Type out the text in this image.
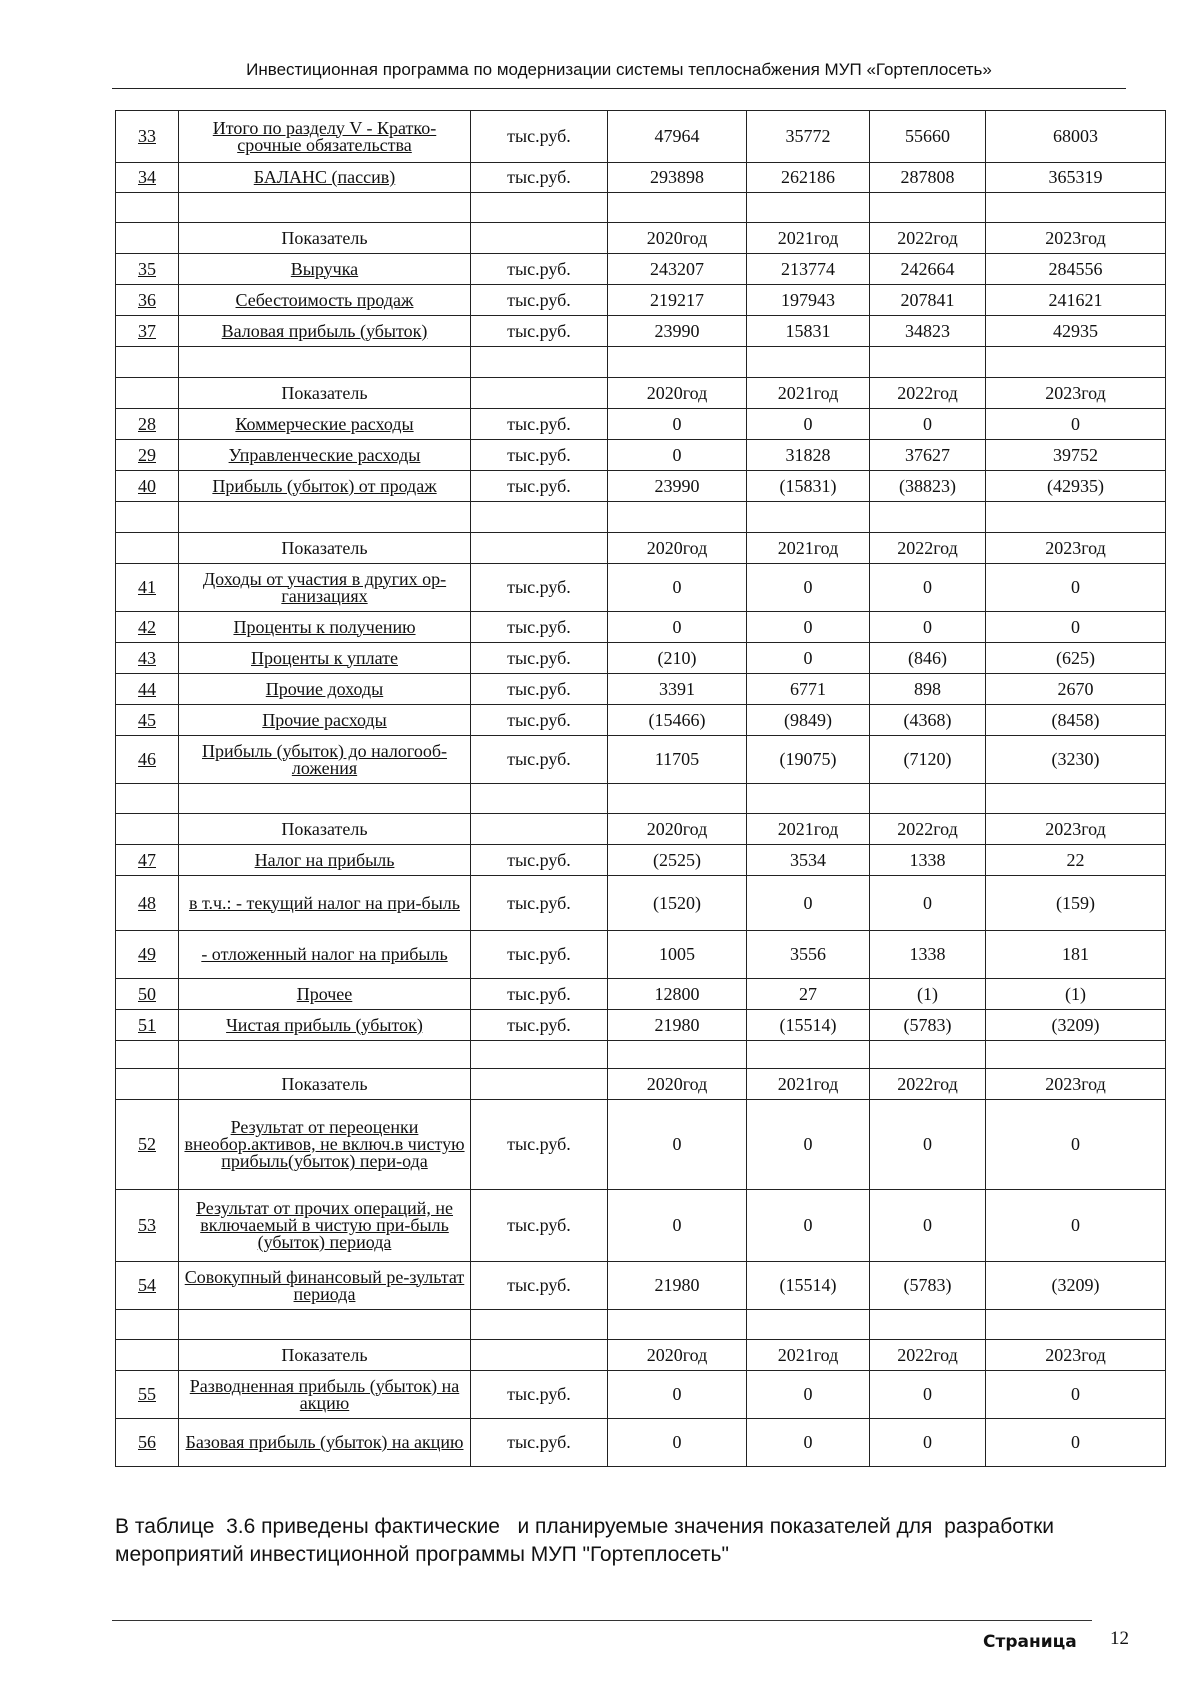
Инвестиционная программа по модернизации системы теплоснабжения МУП «Гортеплосеть»
33	Итого по разделу V - Кратко-срочные обязательства	тыс.руб.	47964	35772	55660	68003
34	БАЛАНС (пассив)	тыс.руб.	293898	262186	287808	365319

	Показатель		2020год	2021год	2022год	2023год
35	Выручка	тыс.руб.	243207	213774	242664	284556
36	Себестоимость продаж	тыс.руб.	219217	197943	207841	241621
37	Валовая прибыль (убыток)	тыс.руб.	23990	15831	34823	42935

	Показатель		2020год	2021год	2022год	2023год
28	Коммерческие расходы	тыс.руб.	0	0	0	0
29	Управленческие расходы	тыс.руб.	0	31828	37627	39752
40	Прибыль (убыток) от продаж	тыс.руб.	23990	(15831)	(38823)	(42935)

	Показатель		2020год	2021год	2022год	2023год
41	Доходы от участия в других ор-ганизациях	тыс.руб.	0	0	0	0
42	Проценты к получению	тыс.руб.	0	0	0	0
43	Проценты к уплате	тыс.руб.	(210)	0	(846)	(625)
44	Прочие доходы	тыс.руб.	3391	6771	898	2670
45	Прочие расходы	тыс.руб.	(15466)	(9849)	(4368)	(8458)
46	Прибыль (убыток) до налогооб-ложения	тыс.руб.	11705	(19075)	(7120)	(3230)

	Показатель		2020год	2021год	2022год	2023год
47	Налог на прибыль	тыс.руб.	(2525)	3534	1338	22
48	в т.ч.: - текущий налог на при-быль	тыс.руб.	(1520)	0	0	(159)
49	- отложенный налог на прибыль	тыс.руб.	1005	3556	1338	181
50	Прочее	тыс.руб.	12800	27	(1)	(1)
51	Чистая прибыль (убыток)	тыс.руб.	21980	(15514)	(5783)	(3209)

	Показатель		2020год	2021год	2022год	2023год
52	Результат от переоценки внеобор.активов, не включ.в чистую прибыль(убыток) пери-ода	тыс.руб.	0	0	0	0
53	Результат от прочих операций, не включаемый в чистую при-быль (убыток) периода	тыс.руб.	0	0	0	0
54	Совокупный финансовый ре-зультат периода	тыс.руб.	21980	(15514)	(5783)	(3209)

	Показатель		2020год	2021год	2022год	2023год
55	Разводненная прибыль (убыток) на акцию	тыс.руб.	0	0	0	0
56	Базовая прибыль (убыток) на акцию	тыс.руб.	0	0	0	0
В таблице  3.6 приведены фактические   и планируемые значения показателей для  разработки мероприятий инвестиционной программы МУП "Гортеплосеть"
Страница 12
